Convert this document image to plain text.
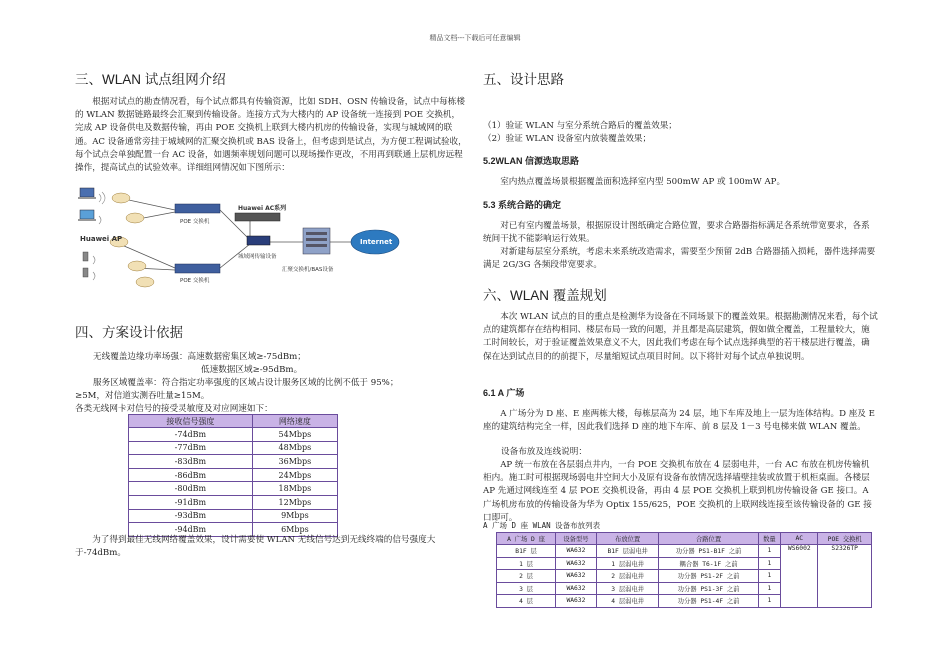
精品文档---下载后可任意编辑
三、WLAN 试点组网介绍
根据对试点的勘查情况看，每个试点都具有传输资源，比如 SDH、OSN 传输设备，试点中每栋楼的 WLAN 数据链路最终会汇聚到传输设备。连接方式为大楼内的 AP 设备统一连接到 POE 交换机，完成 AP 设备供电及数据传输，再由 POE 交换机上联到大楼内机房的传输设备，实现与城域网的联通。AC 设备通常旁挂于城域网的汇聚交换机或 BAS 设备上，但考虑到是试点，为方便工程调试验收，每个试点会单独配置一台 AC 设备，如遇频率规划问题可以现场操作更改，不用再到联通上层机房远程操作，提高试点的试验效率。详细组网情况如下图所示：
Huawei AP
POE 交换机
POE 交换机
Huawei AC系列
城域网传输设备
汇聚交换机/BAS设备
Internet
四、方案设计依据
无线覆盖边缘功率场强：高速数据密集区域≥-75dBm；
低速数据区域≥-95dBm。
服务区域覆盖率：符合指定功率强度的区域占设计服务区域的比例不低于 95%；
≥5M，对信道实测吞吐量≥15M。
各类无线网卡对信号的接受灵敏度及对应网速如下：
接收信号强度	网络速度
-74dBm	54Mbps
-77dBm	48Mbps
-83dBm	36Mbps
-86dBm	24Mbps
-80dBm	18Mbps
-91dBm	12Mbps
-93dBm	9Mbps
-94dBm	6Mbps
为了得到最佳无线网络覆盖效果，设计需要使 WLAN 无线信号达到无线终端的信号强度大于-74dBm。
五、设计思路
（1）验证 WLAN 与室分系统合路后的覆盖效果；
（2）验证 WLAN 设备室内放装覆盖效果；
5.2WLAN 信源选取思路
室内热点覆盖场景根据覆盖面积选择室内型 500mW AP 或 100mW AP。
5.3 系统合路的确定
对已有室内覆盖场景，根据原设计图纸确定合路位置，要求合路器指标满足各系统带宽要求，各系统间干扰不能影响运行效果。
对新建每层室分系统，考虑未来系统改造需求，需要至少预留 2dB 合路器插入损耗，器件选择需要满足 2G/3G 各频段带宽要求。
六、WLAN 覆盖规划
本次 WLAN 试点的目的重点是检测华为设备在不同场景下的覆盖效果。根据勘测情况来看，每个试点的建筑都存在结构相同、楼层布局一致的问题，并且都是高层建筑，假如做全覆盖，工程量较大，施工时间较长，对于验证覆盖效果意义不大，因此我们考虑在每个试点选择典型的若干楼层进行覆盖，确保在达到试点目的的前提下，尽量缩短试点项目时间。以下将针对每个试点单独说明。
6.1 A 广场
A 广场分为 D 座、E 座两栋大楼，每栋层高为 24 层，地下车库及地上一层为连体结构。D 座及 E 座的建筑结构完全一样，因此我们选择 D 座的地下车库、前 8 层及 1－3 号电梯来做 WLAN 覆盖。
设备布放及连线说明：
AP 统一布放在各层弱点井内，一台 POE 交换机布放在 4 层弱电井，一台 AC 布放在机房传输机柜内。施工时可根据现场弱电井空间大小及原有设备布放情况选择墙壁挂装或放置于机柜桌面。各楼层 AP 先通过网线连至 4 层 POE 交换机设备，再由 4 层 POE 交换机上联到机房传输设备 GE 接口。A 广场机房布放的传输设备为华为 Optix 155/625，POE 交换机的上联网线连接至该传输设备的 GE 接口即可。
A 广场 D 座 WLAN 设备布放列表
A 广场 D 座	设备型号	布放位置	合路位置	数量	AC	POE 交换机
B1F 层	WA632	B1F 层弱电井	功分器 PS1-B1F 之前	1	WS6002	S2326TP
1 层	WA632	1 层弱电井	耦合器 T6-1F 之前	1		
2 层	WA632	2 层弱电井	功分器 PS1-2F 之前	1		
3 层	WA632	3 层弱电井	功分器 PS1-3F 之前	1		
4 层	WA632	4 层弱电井	功分器 PS1-4F 之前	1		
